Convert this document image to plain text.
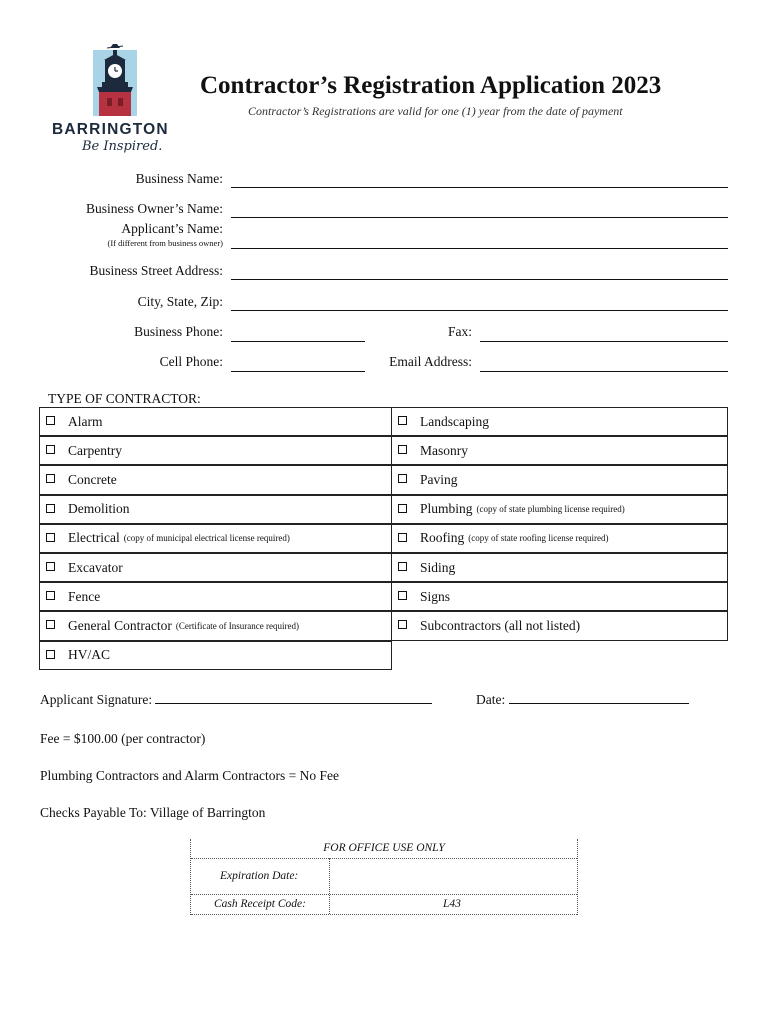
BARRINGTON
Be Inspired.
Contractor’s Registration Application 2023
Contractor’s Registrations are valid for one (1) year from the date of payment
Business Name:
Business Owner’s Name:
Applicant’s Name:
(If different from business owner)
Business Street Address:
City, State, Zip:
Business Phone:	Fax:
Cell Phone:	Email Address:
TYPE OF CONTRACTOR:
Alarm
Carpentry
Concrete
Demolition
Electrical (copy of municipal electrical license required)
Excavator
Fence
General Contractor (Certificate of Insurance required)
HV/AC
Landscaping
Masonry
Paving
Plumbing (copy of state plumbing license required)
Roofing (copy of state roofing license required)
Siding
Signs
Subcontractors (all not listed)
Applicant Signature:	Date:
Fee = $100.00 (per contractor)
Plumbing Contractors and Alarm Contractors = No Fee
Checks Payable To: Village of Barrington
FOR OFFICE USE ONLY
Expiration Date:
Cash Receipt Code:	L43
